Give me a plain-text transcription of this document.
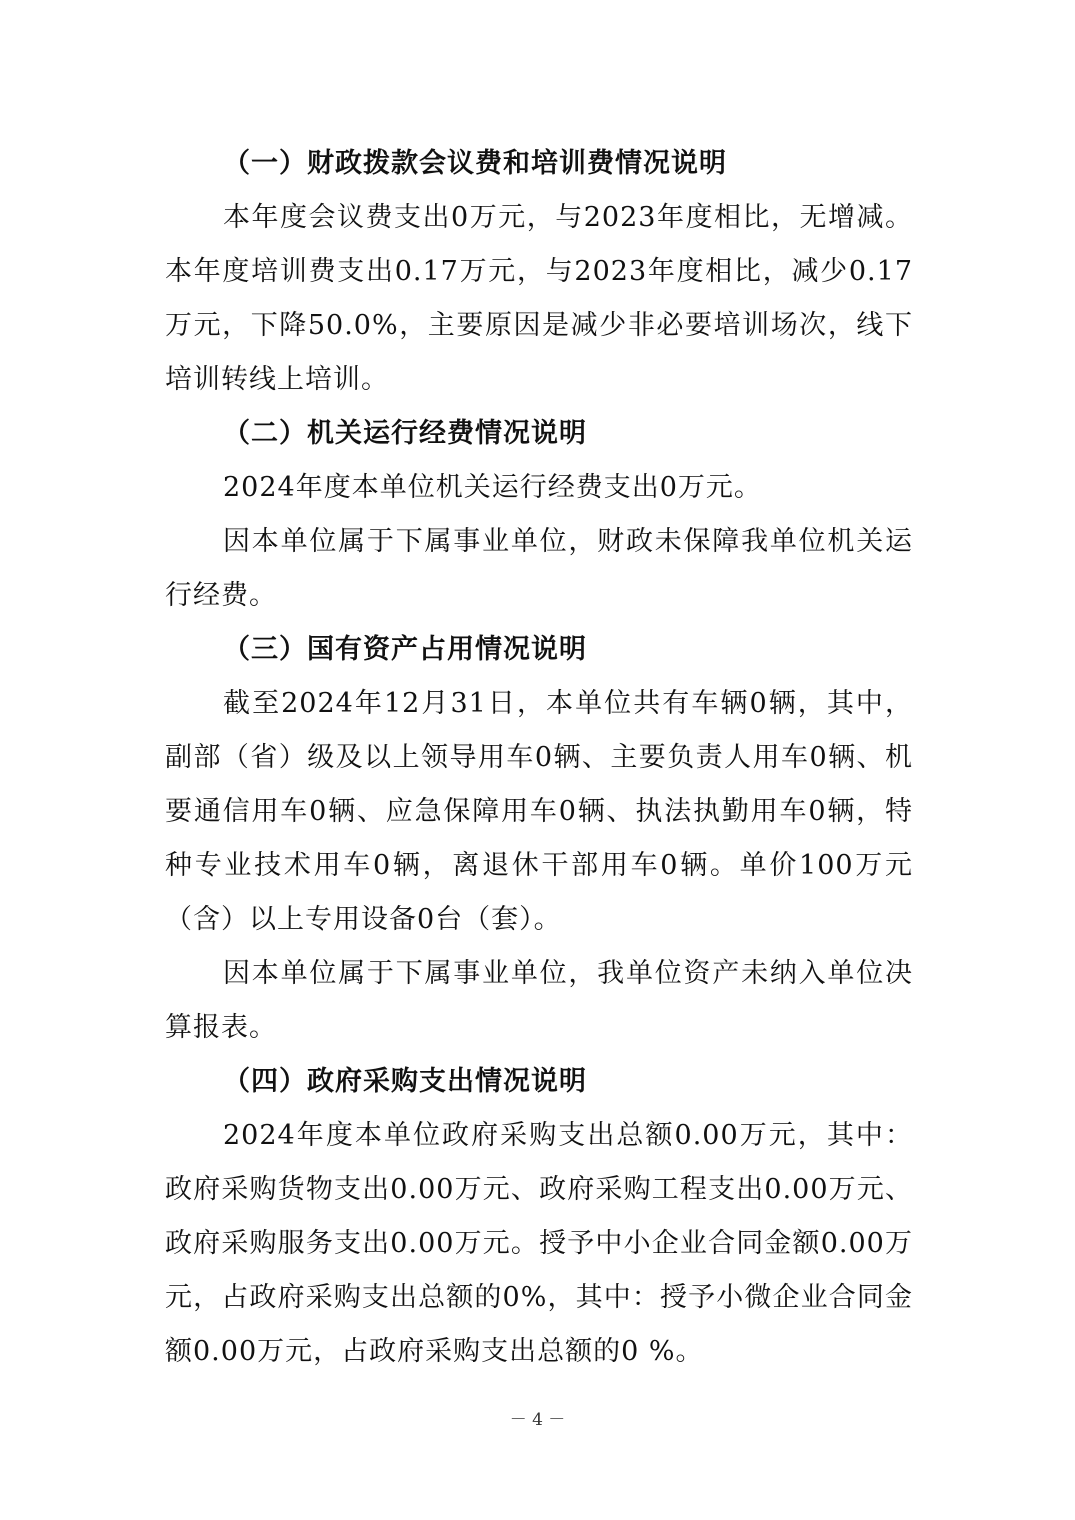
（一）财政拨款会议费和培训费情况说明

本年度会议费支出0万元，与2023年度相比，无增减。本年度培训费支出0.17万元，与2023年度相比，减少0.17万元，下降50.0%，主要原因是减少非必要培训场次，线下培训转线上培训。

（二）机关运行经费情况说明

2024年度本单位机关运行经费支出0万元。

因本单位属于下属事业单位，财政未保障我单位机关运行经费。

（三）国有资产占用情况说明

截至2024年12月31日，本单位共有车辆0辆，其中，副部（省）级及以上领导用车0辆、主要负责人用车0辆、机要通信用车0辆、应急保障用车0辆、执法执勤用车0辆，特种专业技术用车0辆，离退休干部用车0辆。单价100万元（含）以上专用设备0台（套）。

因本单位属于下属事业单位，我单位资产未纳入单位决算报表。

（四）政府采购支出情况说明

2024年度本单位政府采购支出总额0.00万元，其中：政府采购货物支出0.00万元、政府采购工程支出0.00万元、政府采购服务支出0.00万元。授予中小企业合同金额0.00万元，占政府采购支出总额的0%，其中：授予小微企业合同金额0.00万元，占政府采购支出总额的0 %。

－ 4 －
